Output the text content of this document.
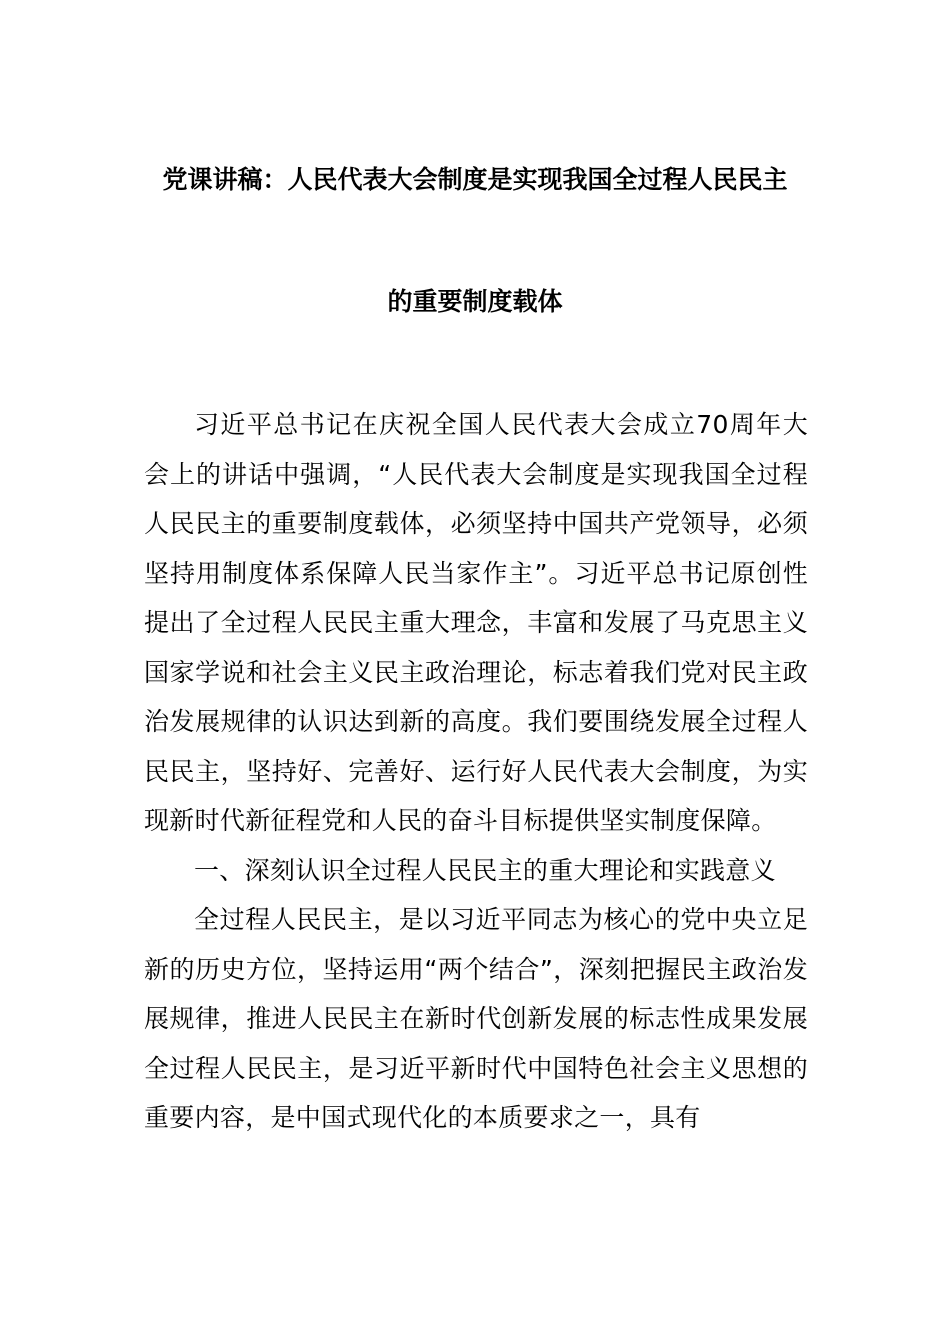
党课讲稿：人民代表大会制度是实现我国全过程人民民主
的重要制度载体

习近平总书记在庆祝全国人民代表大会成立70周年大会上的讲话中强调，“人民代表大会制度是实现我国全过程人民民主的重要制度载体，必须坚持中国共产党领导，必须坚持用制度体系保障人民当家作主”。习近平总书记原创性提出了全过程人民民主重大理念，丰富和发展了马克思主义国家学说和社会主义民主政治理论，标志着我们党对民主政治发展规律的认识达到新的高度。我们要围绕发展全过程人民民主，坚持好、完善好、运行好人民代表大会制度，为实现新时代新征程党和人民的奋斗目标提供坚实制度保障。

一、深刻认识全过程人民民主的重大理论和实践意义

全过程人民民主，是以习近平同志为核心的党中央立足新的历史方位，坚持运用“两个结合”，深刻把握民主政治发展规律，推进人民民主在新时代创新发展的标志性成果发展全过程人民民主，是习近平新时代中国特色社会主义思想的重要内容，是中国式现代化的本质要求之一，具有
